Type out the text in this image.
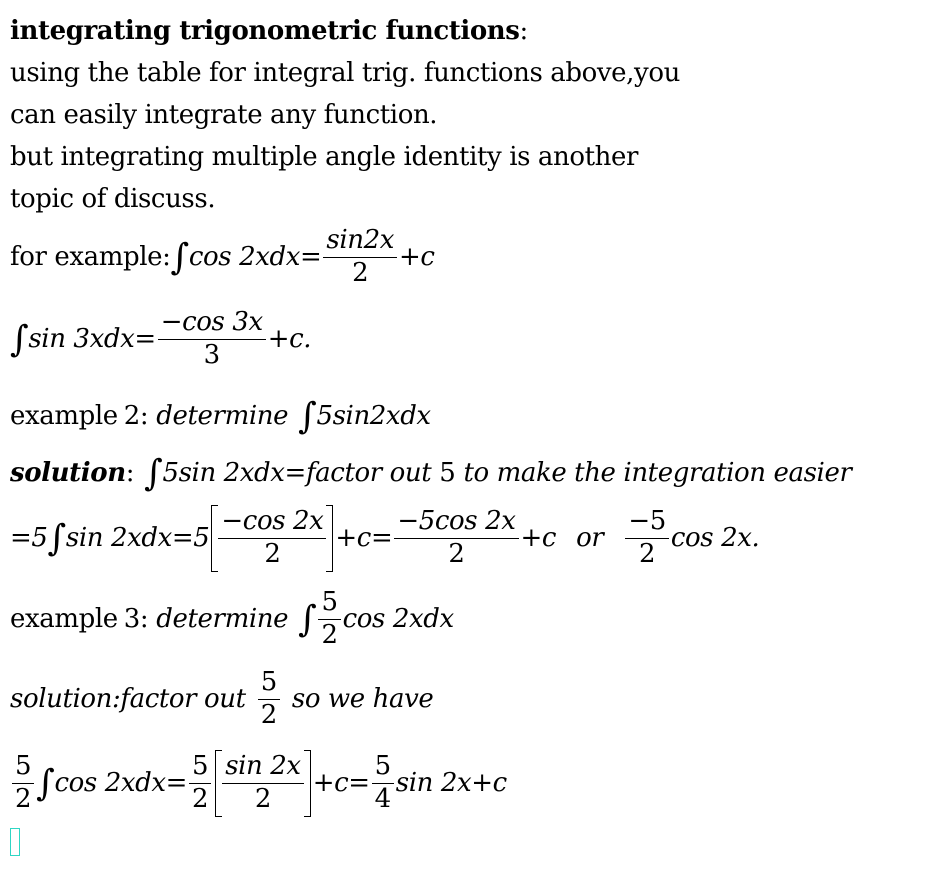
integrating trigonometric functions:
using the table for integral trig. functions above,you
can easily integrate any function.
but integrating multiple angle identity is another
topic of discuss.
for example: ∫ $\cos 2xdx= \frac{\sin 2x}{2} +c$
∫ $\sin 3xdx= \frac{-\cos 3x}{3} +c$.
example 2: determine ∫ 5sin2xdx
solution : ∫ 5sin 2xdx= factor out 5 to make the integration easier
=5 ∫ $\sin 2xdx=5 \frac{-\cos 2x}{2} +c= \frac{-5\cos 2x}{2} +c$ or $\frac{-5}{2}$ cos 2x.
example 3: determine ∫ $\frac{5}{2}$ cos 2xdx
solution:factor out $\frac{5}{2}$ so we have
$\frac{5}{2}$ ∫ $\cos 2xdx= \frac{5}{2} \frac{\sin 2x}{2} +c= \frac{5}{4}$ sin 2x+c
